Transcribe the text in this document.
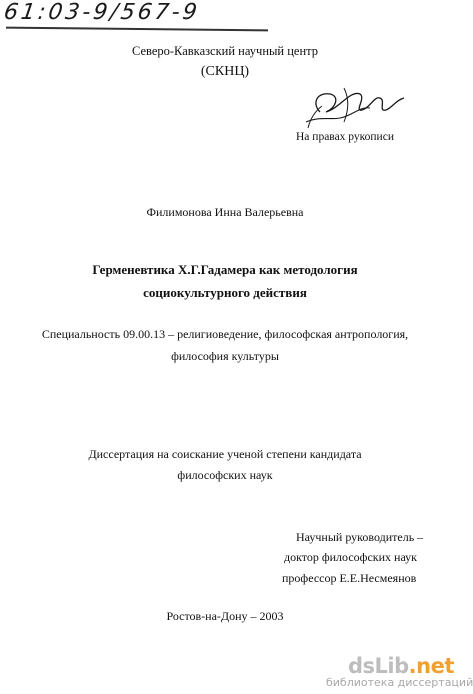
61:03-9/567-9
Северо-Кавказский научный центр
(СКНЦ)
На правах рукописи
Филимонова Инна Валерьевна
Герменевтика Х.Г.Гадамера как методология
социокультурного действия
Специальность 09.00.13 – религиоведение, философская антропология,
философия культуры
Диссертация на соискание ученой степени кандидата
философских наук
Научный руководитель –
доктор философских наук
профессор Е.Е.Несмеянов
Ростов-на-Дону – 2003
dsLib.net
библиотека диссертаций
